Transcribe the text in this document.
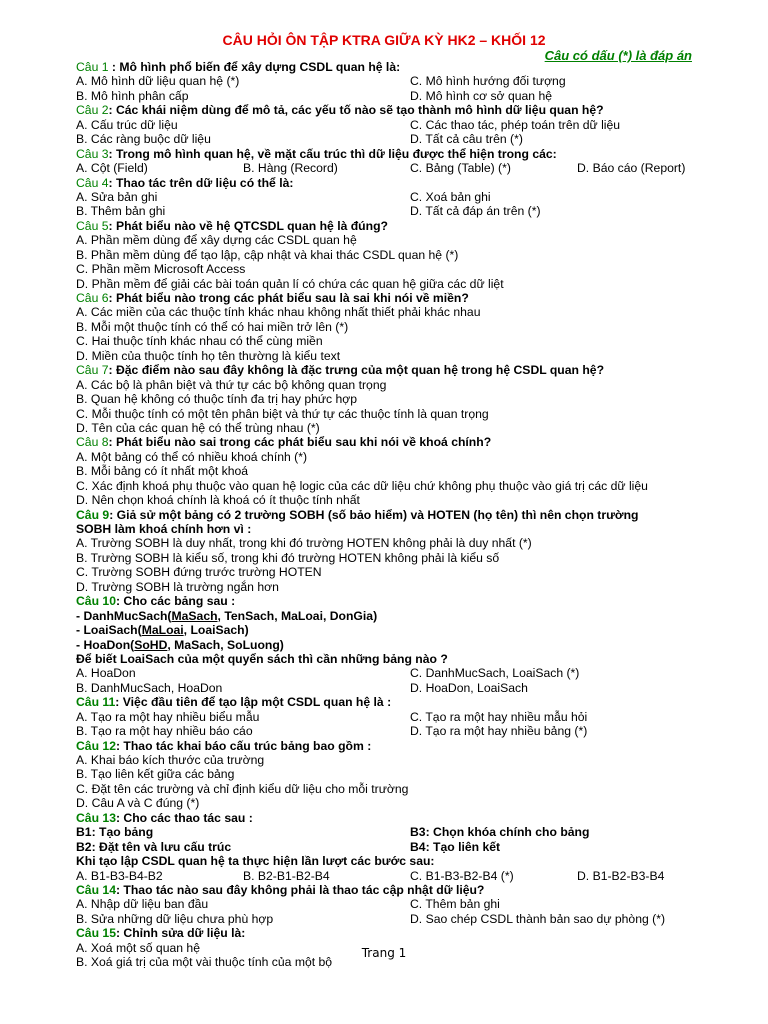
CÂU HỎI ÔN TẬP KTRA GIỮA KỲ HK2 – KHỐI 12
Câu có dấu (*) là đáp án
Câu 1 : Mô hình phổ biến để xây dựng CSDL quan hệ là:
A. Mô hình dữ liệu quan hệ (*)	C. Mô hình hướng đối tượng
B. Mô hình phân cấp	D. Mô hình cơ sở quan hệ
Câu 2: Các khái niệm dùng để mô tả, các yếu tố nào sẽ tạo thành mô hình dữ liệu quan hệ?
A. Cấu trúc dữ liệu	C. Các thao tác, phép toán trên dữ liệu
B. Các ràng buộc dữ liệu	D. Tất cả câu trên (*)
Câu 3: Trong mô hình quan hệ, về mặt cấu trúc thì dữ liệu được thể hiện trong các:
A. Cột (Field)	B. Hàng (Record)	C. Bảng (Table) (*)	D. Báo cáo (Report)
Câu 4: Thao tác trên dữ liệu có thể là:
A. Sửa bản ghi	C. Xoá bản ghi
B. Thêm bản ghi	D. Tất cả đáp án trên (*)
Câu 5: Phát biểu nào về hệ QTCSDL quan hệ là đúng?
A. Phần mềm dùng để xây dựng các CSDL quan hệ
B. Phần mềm dùng để tạo lập, cập nhật và khai thác CSDL quan hệ (*)
C. Phần mềm Microsoft Access
D. Phần mềm để giải các bài toán quản lí có chứa các quan hệ giữa các dữ liệt
Câu 6: Phát biểu nào trong các phát biểu sau là sai khi nói về miền?
A. Các miền của các thuộc tính khác nhau không nhất thiết phải khác nhau
B. Mỗi một thuộc tính có thể có hai miền trở lên (*)
C. Hai thuộc tính khác nhau có thể cùng miền
D. Miền của thuộc tính họ tên thường là kiểu text
Câu 7: Đặc điểm nào sau đây không là đặc trưng của một quan hệ trong hệ CSDL quan hệ?
A. Các bộ là phân biệt và thứ tự các bộ không quan trọng
B. Quan hệ không có thuộc tính đa trị hay phức hợp
C. Mỗi thuộc tính có một tên phân biệt và thứ tự các thuộc tính là quan trọng
D. Tên của các quan hệ có thể trùng nhau (*)
Câu 8: Phát biểu nào sai trong các phát biểu sau khi nói về khoá chính?
A. Một bảng có thể có nhiều khoá chính (*)
B. Mỗi bảng có ít nhất một khoá
C. Xác định khoá phụ thuộc vào quan hệ logic của các dữ liệu chứ không phụ thuộc vào giá trị các dữ liệu
D. Nên chọn khoá chính là khoá có ít thuộc tính nhất
Câu 9: Giả sử một bảng có 2 trường SOBH (số bảo hiểm) và HOTEN (họ tên) thì nên chọn trường
SOBH làm khoá chính hơn vì :
A. Trường SOBH là duy nhất, trong khi đó trường HOTEN không phải là duy nhất (*)
B. Trường SOBH là kiểu số, trong khi đó trường HOTEN không phải là kiểu số
C. Trường SOBH đứng trước trường HOTEN
D. Trường SOBH là trường ngắn hơn
Câu 10: Cho các bảng sau :
- DanhMucSach(MaSach, TenSach, MaLoai, DonGia)
- LoaiSach(MaLoai, LoaiSach)
- HoaDon(SoHD, MaSach, SoLuong)
Để biết LoaiSach của một quyển sách thì cần những bảng nào ?
A. HoaDon	C. DanhMucSach, LoaiSach (*)
B. DanhMucSach, HoaDon	D. HoaDon, LoaiSach
Câu 11: Việc đầu tiên để tạo lập một CSDL quan hệ là :
A. Tạo ra một hay nhiều biểu mẫu	C. Tạo ra một hay nhiều mẫu hỏi
B. Tạo ra một hay nhiều báo cáo	D. Tạo ra một hay nhiều bảng (*)
Câu 12: Thao tác khai báo cấu trúc bảng bao gồm :
A. Khai báo kích thước của trường
B. Tạo liên kết giữa các bảng
C. Đặt tên các trường và chỉ định kiểu dữ liệu cho mỗi trường
D. Câu A và C đúng (*)
Câu 13: Cho các thao tác sau :
B1: Tạo bảng	B3: Chọn khóa chính cho bảng
B2: Đặt tên và lưu cấu trúc	B4: Tạo liên kết
Khi tạo lập CSDL quan hệ ta thực hiện lần lượt các bước sau:
A. B1-B3-B4-B2	B. B2-B1-B2-B4	C. B1-B3-B2-B4 (*)	D. B1-B2-B3-B4
Câu 14: Thao tác nào sau đây không phải là thao tác cập nhật dữ liệu?
A. Nhập dữ liệu ban đầu	C. Thêm bản ghi
B. Sửa những dữ liệu chưa phù hợp	D. Sao chép CSDL thành bản sao dự phòng (*)
Câu 15: Chỉnh sửa dữ liệu là:
A. Xoá một số quan hệ
B. Xoá giá trị của một vài thuộc tính của một bộ
Trang 1
